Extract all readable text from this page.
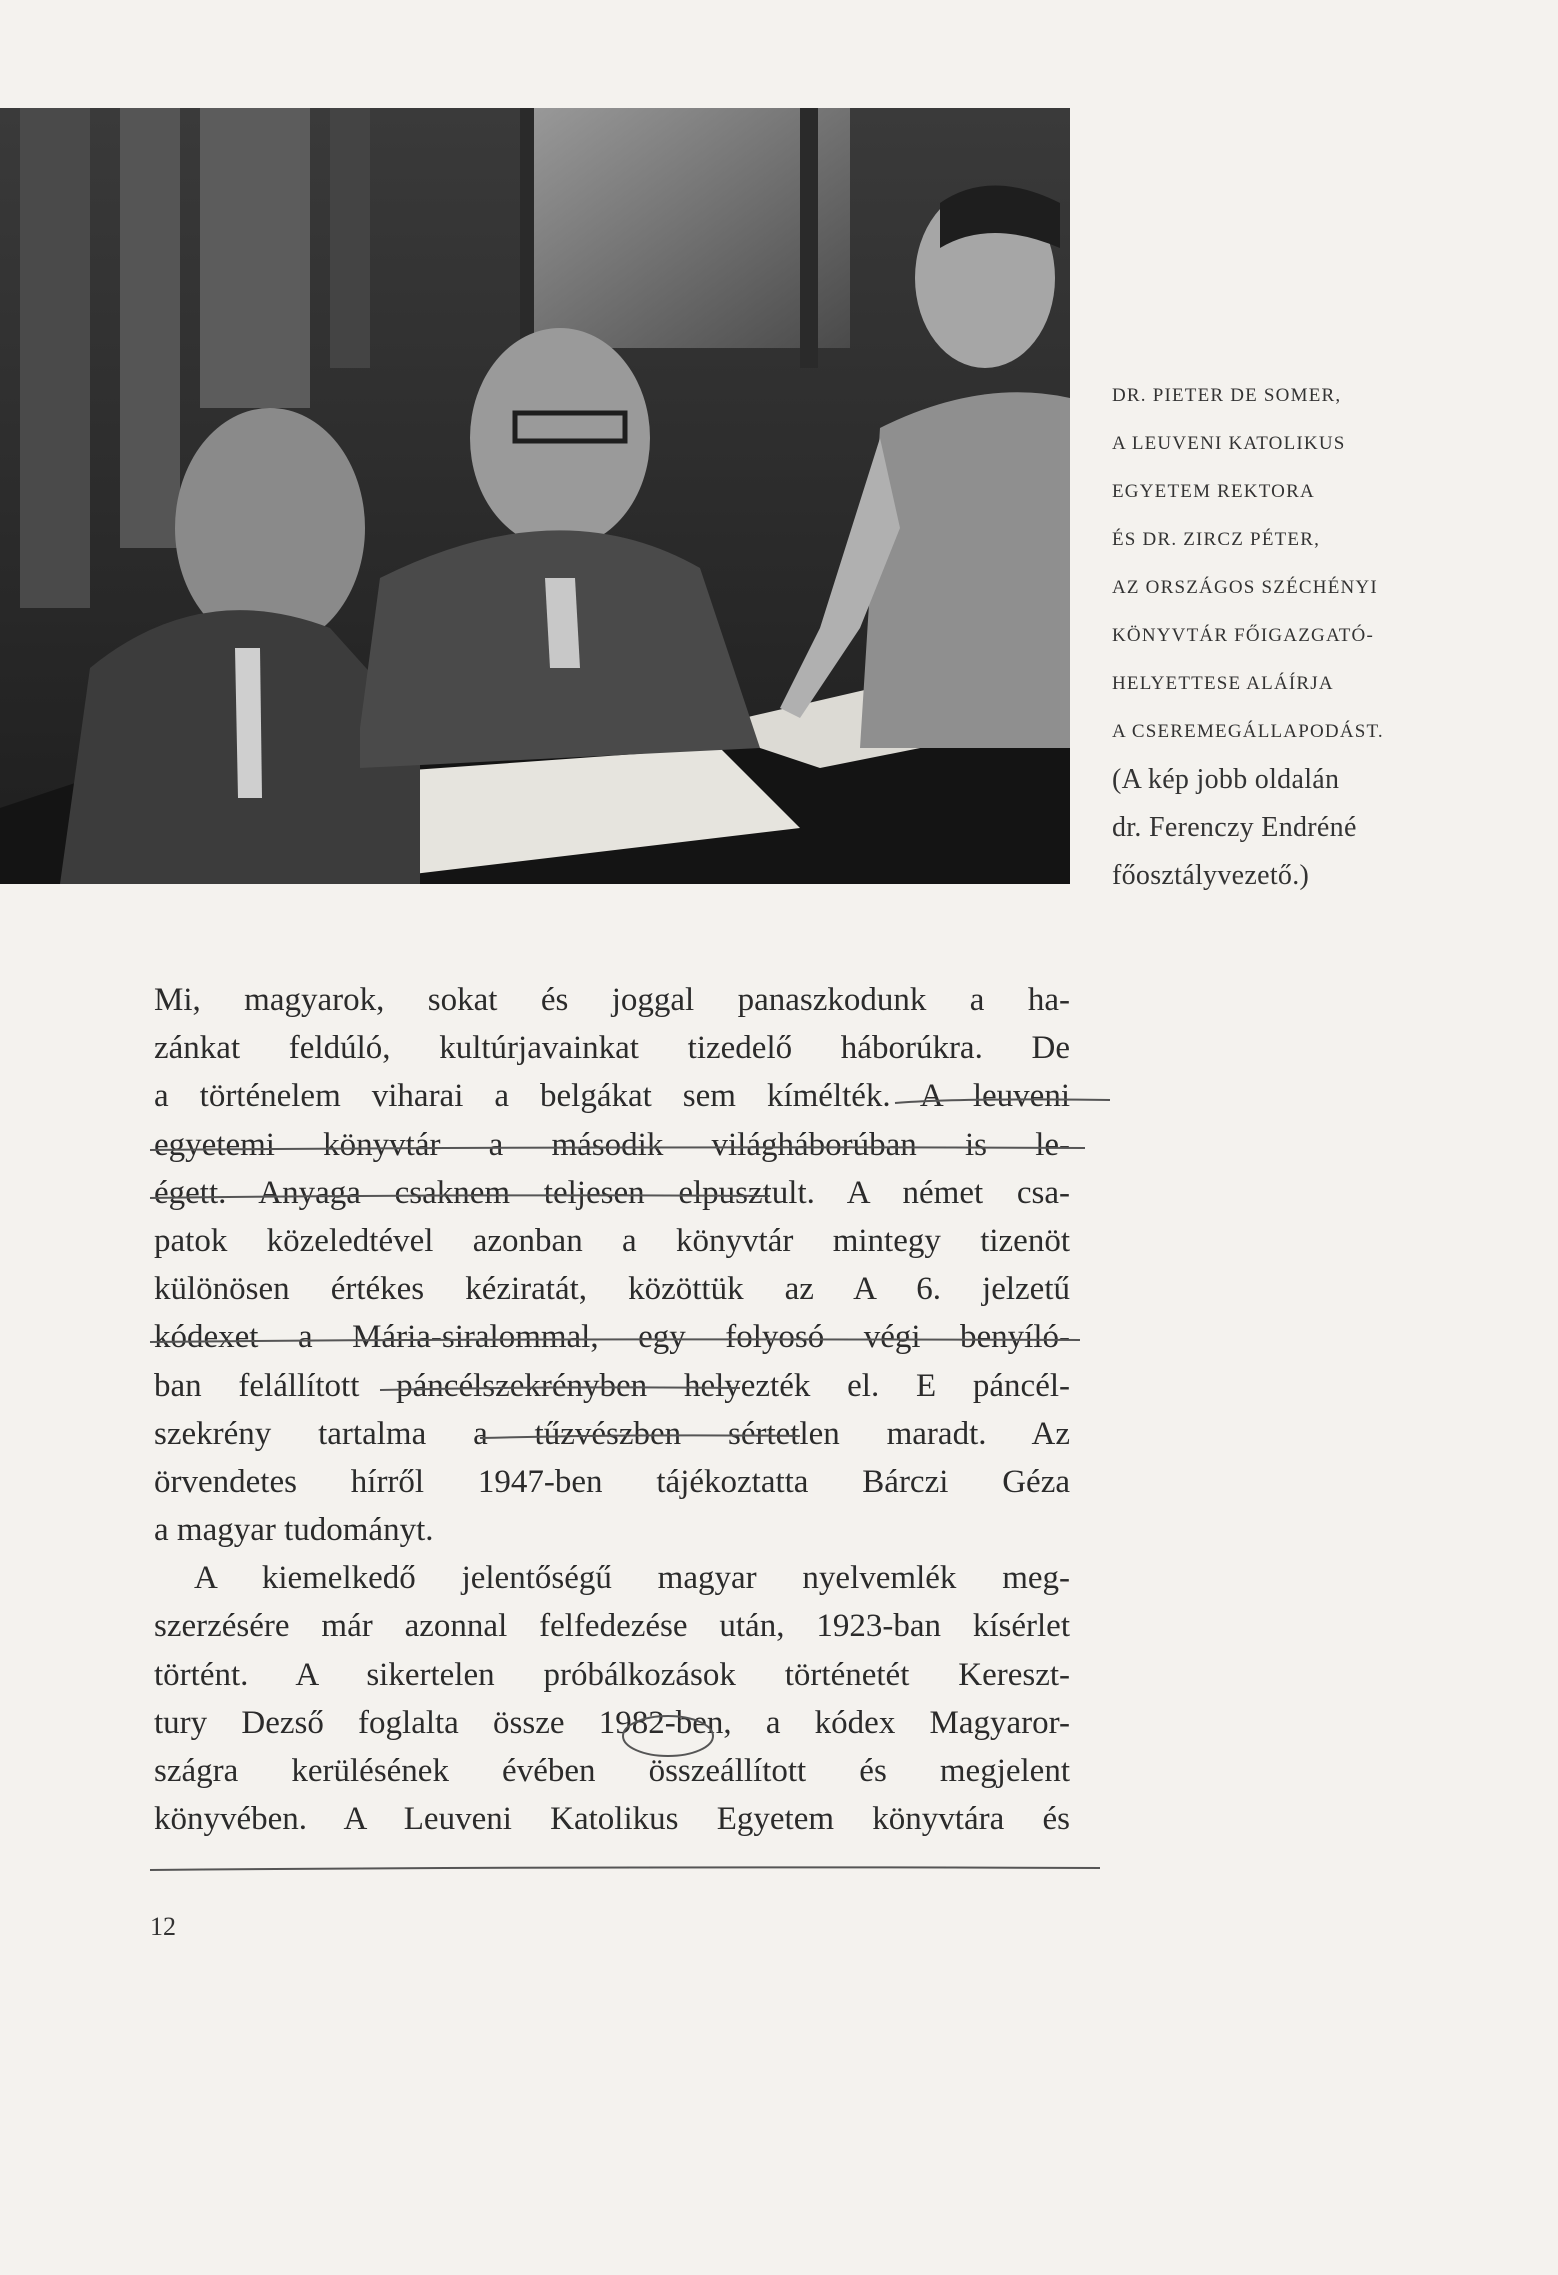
DR. PIETER DE SOMER,
A LEUVENI KATOLIKUS
EGYETEM REKTORA
ÉS DR. ZIRCZ PÉTER,
AZ ORSZÁGOS SZÉCHÉNYI
KÖNYVTÁR FŐIGAZGATÓ-
HELYETTESE ALÁÍRJA
A CSEREMEGÁLLAPODÁST.
(A kép jobb oldalán
dr. Ferenczy Endréné
főosztályvezető.)
Mi, magyarok, sokat és joggal panaszkodunk a ha-
zánkat feldúló, kultúrjavainkat tizedelő háborúkra. De
a történelem viharai a belgákat sem kímélték. A leuveni
egyetemi könyvtár a második világháborúban is le-
égett. Anyaga csaknem teljesen elpusztult. A német csa-
patok közeledtével azonban a könyvtár mintegy tizenöt
különösen értékes kéziratát, közöttük az A 6. jelzetű
kódexet a Mária-siralommal, egy folyosó végi benyíló-
ban felállított páncélszekrényben helyezték el. E páncél-
szekrény tartalma a tűzvészben sértetlen maradt. Az
örvendetes hírről 1947-ben tájékoztatta Bárczi Géza
a magyar tudományt.
A kiemelkedő jelentőségű magyar nyelvemlék meg-
szerzésére már azonnal felfedezése után, 1923-ban kísérlet
történt. A sikertelen próbálkozások történetét Kereszt-
tury Dezső foglalta össze 1982-ben, a kódex Magyaror-
szágra kerülésének évében összeállított és megjelent
könyvében. A Leuveni Katolikus Egyetem könyvtára és
12
